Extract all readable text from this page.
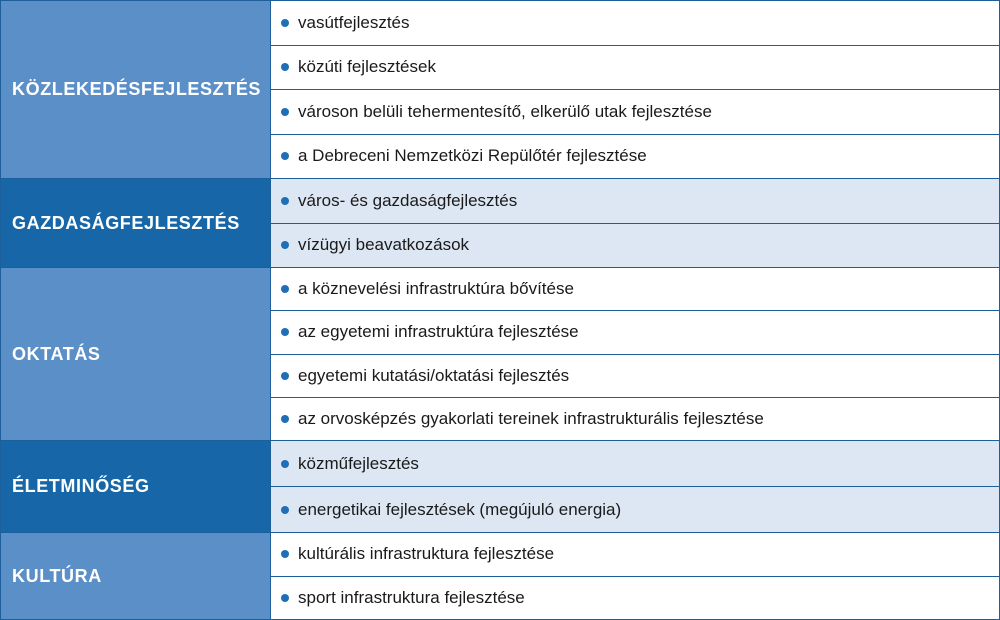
KÖZLEKEDÉSFEJLESZTÉS
vasútfejlesztés
közúti fejlesztések
városon belüli tehermentesítő, elkerülő utak fejlesztése
a Debreceni Nemzetközi Repülőtér fejlesztése
GAZDASÁGFEJLESZTÉS
város- és gazdaságfejlesztés
vízügyi beavatkozások
OKTATÁS
a köznevelési infrastruktúra bővítése
az egyetemi infrastruktúra fejlesztése
egyetemi kutatási/oktatási fejlesztés
az orvosképzés gyakorlati tereinek infrastrukturális fejlesztése
ÉLETMINŐSÉG
közműfejlesztés
energetikai fejlesztések (megújuló energia)
KULTÚRA
kultúrális infrastruktura fejlesztése
sport infrastruktura fejlesztése
